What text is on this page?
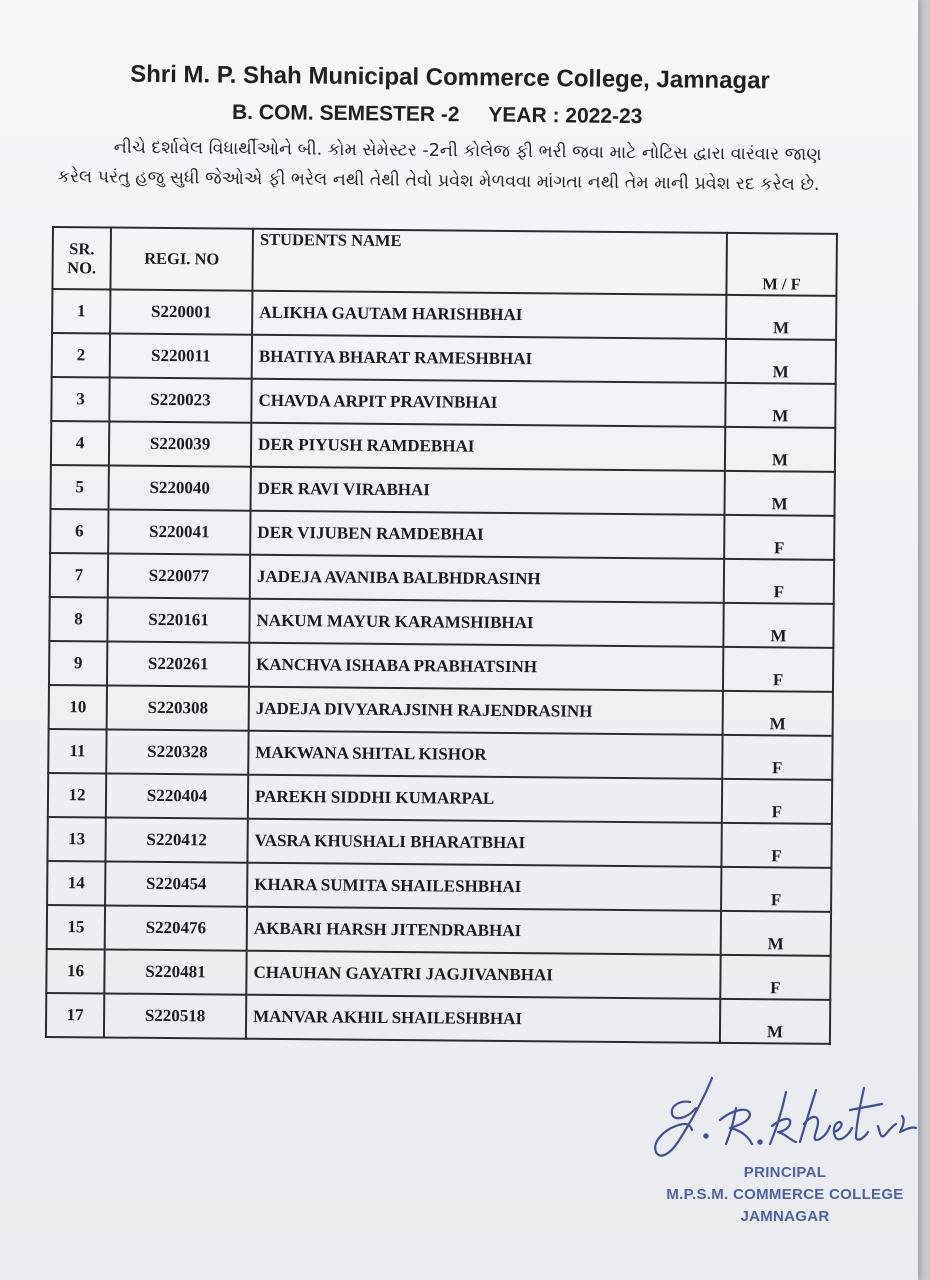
Shri M. P. Shah Municipal Commerce College, Jamnagar
B. COM. SEMESTER -2 YEAR : 2022-23
નીચે દર્શાવેલ વિધાર્થીઓને બી. કોમ સેમેસ્ટર -2ની કોલેજ ફી ભરી જવા માટે નોટિસ દ્વારા વારંવાર જાણ કરેલ પરંતુ હજુ સુધી જેઓએ ફી ભરેલ નથી તેથી તેવો પ્રવેશ મેળવવા માંગતા નથી તેમ માની પ્રવેશ રદ કરેલ છે.
SR.
NO.	REGI. NO	STUDENTS NAME	M / F
1	S220001	ALIKHA GAUTAM HARISHBHAI	M
2	S220011	BHATIYA BHARAT RAMESHBHAI	M
3	S220023	CHAVDA ARPIT PRAVINBHAI	M
4	S220039	DER PIYUSH RAMDEBHAI	M
5	S220040	DER RAVI VIRABHAI	M
6	S220041	DER VIJUBEN RAMDEBHAI	F
7	S220077	JADEJA AVANIBA BALBHDRASINH	F
8	S220161	NAKUM MAYUR KARAMSHIBHAI	M
9	S220261	KANCHVA ISHABA PRABHATSINH	F
10	S220308	JADEJA DIVYARAJSINH RAJENDRASINH	M
11	S220328	MAKWANA SHITAL KISHOR	F
12	S220404	PAREKH SIDDHI KUMARPAL	F
13	S220412	VASRA KHUSHALI BHARATBHAI	F
14	S220454	KHARA SUMITA SHAILESHBHAI	F
15	S220476	AKBARI HARSH JITENDRABHAI	M
16	S220481	CHAUHAN GAYATRI JAGJIVANBHAI	F
17	S220518	MANVAR AKHIL SHAILESHBHAI	M
PRINCIPAL
M.P.S.M. COMMERCE COLLEGE
JAMNAGAR
